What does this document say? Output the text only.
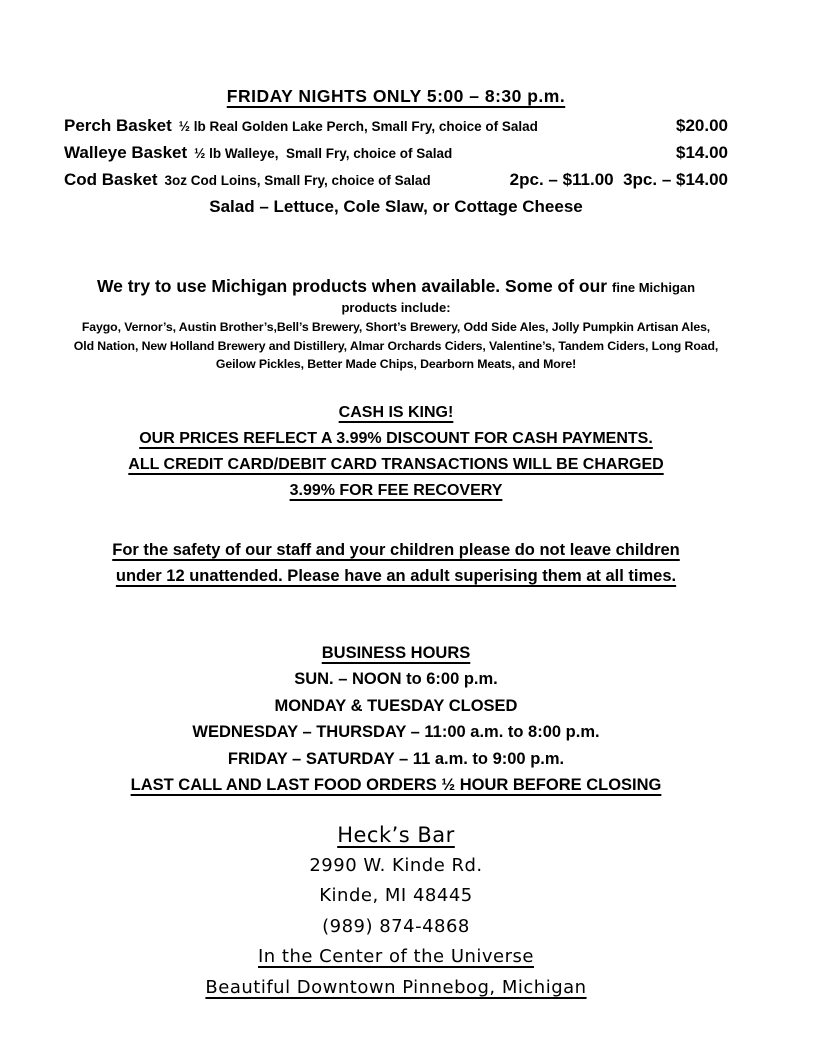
FRIDAY NIGHTS ONLY 5:00 – 8:30 p.m.
Perch Basket ½ lb Real Golden Lake Perch, Small Fry, choice of Salad	$20.00
Walleye Basket ½ lb Walleye,  Small Fry, choice of Salad	$14.00
Cod Basket 3oz Cod Loins, Small Fry, choice of Salad	2pc. – $11.00  3pc. – $14.00
Salad – Lettuce, Cole Slaw, or Cottage Cheese
We try to use Michigan products when available. Some of our fine Michigan
products include:
Faygo, Vernor’s, Austin Brother’s,Bell’s Brewery, Short’s Brewery, Odd Side Ales, Jolly Pumpkin Artisan Ales,
Old Nation, New Holland Brewery and Distillery, Almar Orchards Ciders, Valentine’s, Tandem Ciders, Long Road,
Geilow Pickles, Better Made Chips, Dearborn Meats, and More!
CASH IS KING!
OUR PRICES REFLECT A 3.99% DISCOUNT FOR CASH PAYMENTS.
ALL CREDIT CARD/DEBIT CARD TRANSACTIONS WILL BE CHARGED
3.99% FOR FEE RECOVERY
For the safety of our staff and your children please do not leave children
under 12 unattended. Please have an adult superising them at all times.
BUSINESS HOURS
SUN. – NOON to 6:00 p.m.
MONDAY & TUESDAY CLOSED
WEDNESDAY – THURSDAY – 11:00 a.m. to 8:00 p.m.
FRIDAY – SATURDAY – 11 a.m. to 9:00 p.m.
LAST CALL AND LAST FOOD ORDERS ½ HOUR BEFORE CLOSING
Heck’s Bar
2990 W. Kinde Rd.
Kinde, MI 48445
(989) 874-4868
In the Center of the Universe
Beautiful Downtown Pinnebog, Michigan
